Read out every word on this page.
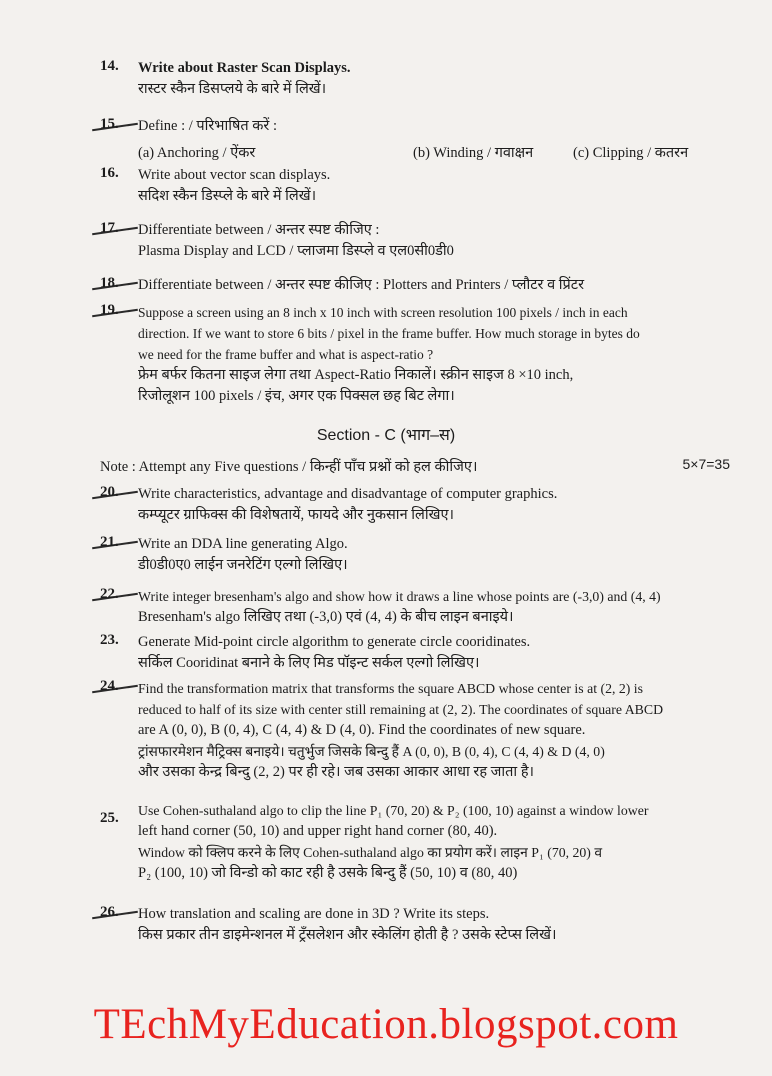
14.	Write about Raster Scan Displays.
रास्टर स्कैन डिसप्लये के बारे में लिखें।
15.	Define : / परिभाषित करें :
(a) Anchoring / ऐंकर	(b) Winding / गवाक्षन	(c) Clipping / कतरन
16.	Write about vector scan displays.
सदिश स्कैन डिस्प्ले के बारे में लिखें।
17.	Differentiate between / अन्तर स्पष्ट कीजिए :
Plasma Display and LCD / प्लाजमा डिस्प्ले व एल0सी0डी0
18.	Differentiate between / अन्तर स्पष्ट कीजिए : Plotters and Printers / प्लौटर व प्रिंटर
19.	Suppose a screen using an 8 inch x 10 inch with screen resolution 100 pixels / inch in each
direction. If we want to store 6 bits / pixel in the frame buffer. How much storage in bytes do
we need for the frame buffer and what is aspect-ratio ?
फ्रेम बर्फर कितना साइज लेगा तथा Aspect-Ratio निकालें। स्क्रीन साइज 8 ×10 inch,
रिजोलूशन 100 pixels / इंच, अगर एक पिक्सल छह बिट लेगा।
Section - C (भाग–स)
Note : Attempt any Five questions / किन्हीं पाँच प्रश्नों को हल कीजिए।	5×7=35
20.	Write characteristics, advantage and disadvantage of computer graphics.
कम्प्यूटर ग्राफिक्स की विशेषतायें, फायदे और नुकसान लिखिए।
21.	Write an DDA line generating Algo.
डी0डी0ए0 लाईन जनरेटिंग एल्गो लिखिए।
22.	Write integer bresenham's algo and show how it draws a line whose points are (-3,0) and (4, 4)
Bresenham's algo लिखिए तथा (-3,0) एवं (4, 4) के बीच लाइन बनाइये।
23.	Generate Mid-point circle algorithm to generate circle cooridinates.
सर्किल Cooridinat बनाने के लिए मिड पॉइन्ट सर्कल एल्गो लिखिए।
24.	Find the transformation matrix that transforms the square ABCD whose center is at (2, 2) is
reduced to half of its size with center still remaining at (2, 2). The coordinates of square ABCD
are A (0, 0), B (0, 4), C (4, 4) & D (4, 0). Find the coordinates of new square.
ट्रांसफारमेशन मैट्रिक्स बनाइये। चतुर्भुज जिसके बिन्दु हैं A (0, 0), B (0, 4), C (4, 4) & D (4, 0)
और उसका केन्द्र बिन्दु (2, 2) पर ही रहे। जब उसका आकार आधा रह जाता है।
25.	Use Cohen-suthaland algo to clip the line P₁ (70, 20) & P₂ (100, 10) against a window lower
left hand corner (50, 10) and upper right hand corner (80, 40).
Window को क्लिप करने के लिए Cohen-suthaland algo का प्रयोग करें। लाइन P₁ (70, 20) व
P₂ (100, 10) जो विन्डो को काट रही है उसके बिन्दु हैं (50, 10) व (80, 40)
26.	How translation and scaling are done in 3D ? Write its steps.
किस प्रकार तीन डाइमेन्शनल में ट्रॅंसलेशन और स्केलिंग होती है ? उसके स्टेप्स लिखें।
TEchMyEducation.blogspot.com
